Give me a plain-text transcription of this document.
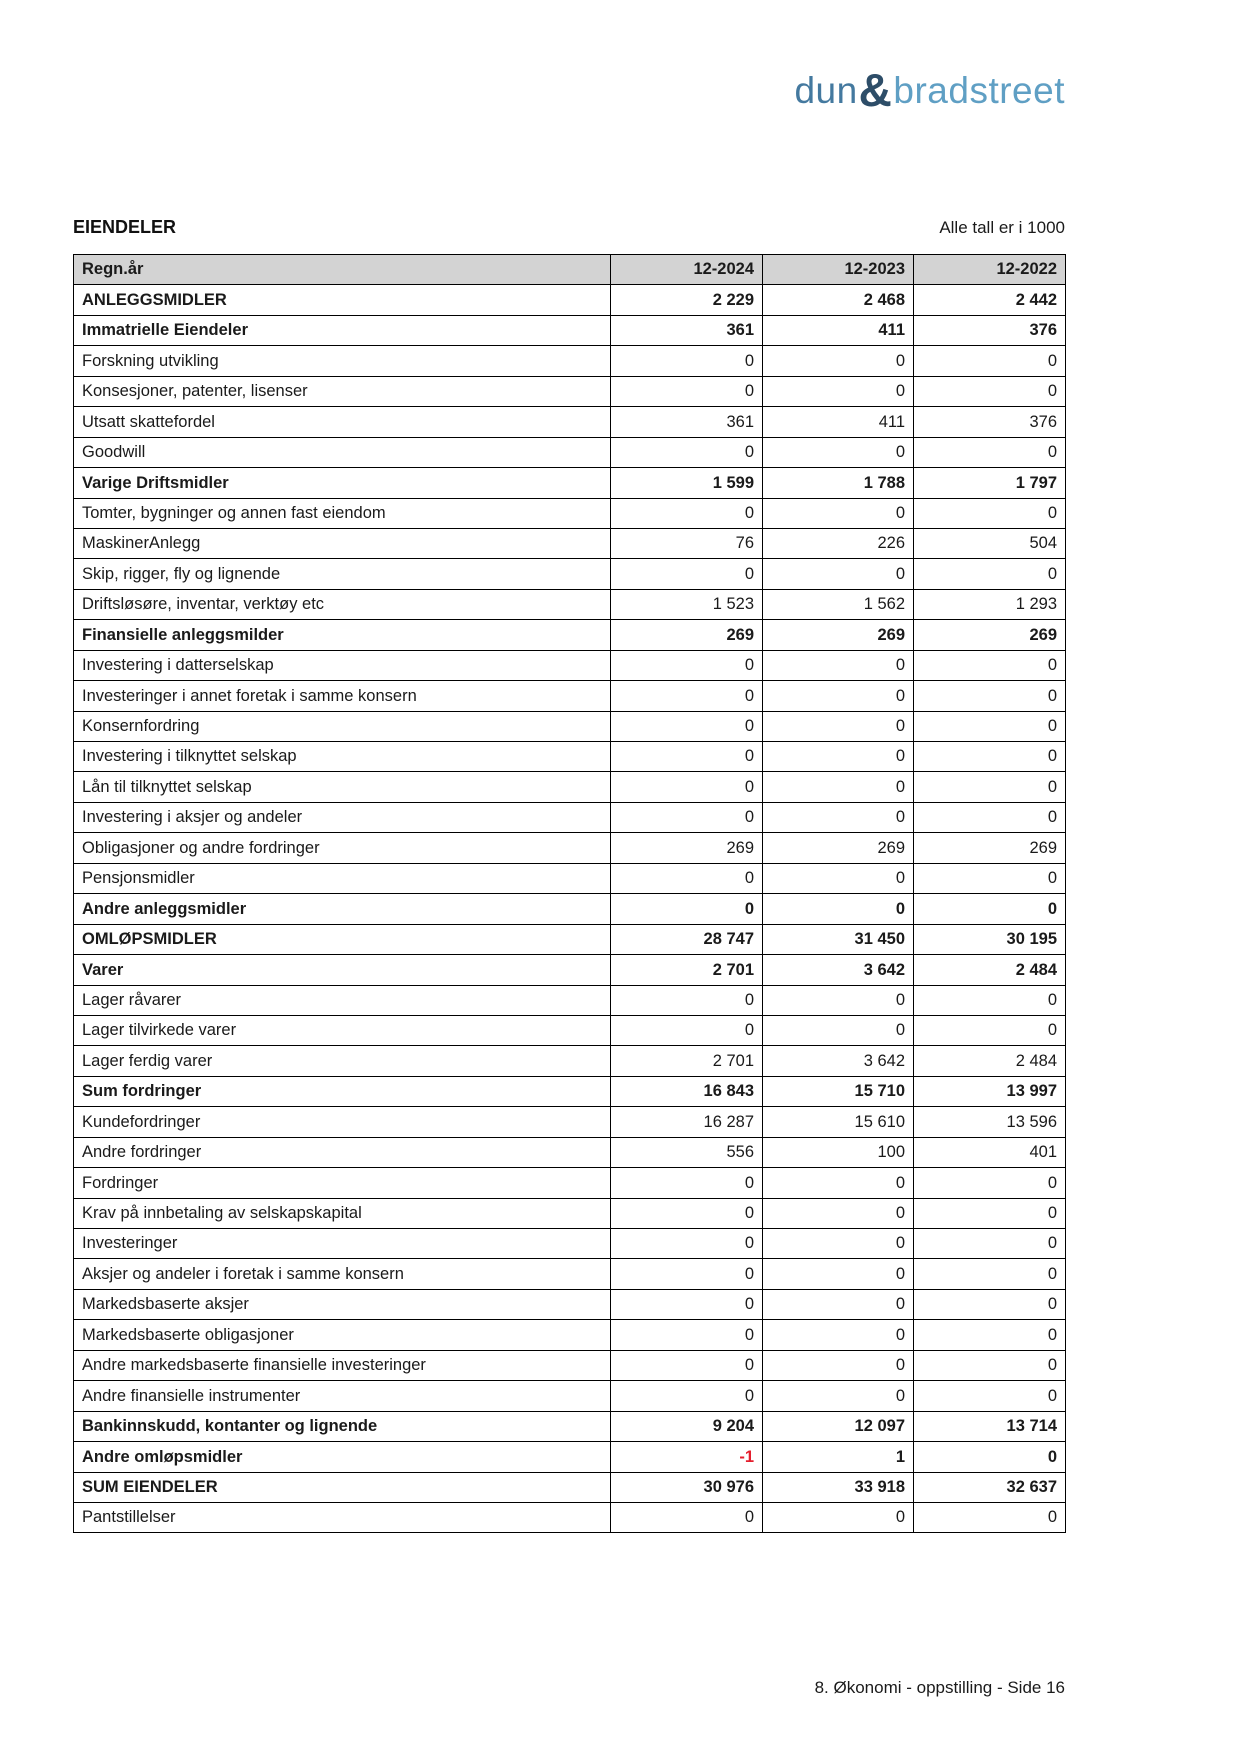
dun & bradstreet
EIENDELER	Alle tall er i 1000
Regn.år	12-2024	12-2023	12-2022
ANLEGGSMIDLER	2 229	2 468	2 442
Immatrielle Eiendeler	361	411	376
Forskning utvikling	0	0	0
Konsesjoner, patenter, lisenser	0	0	0
Utsatt skattefordel	361	411	376
Goodwill	0	0	0
Varige Driftsmidler	1 599	1 788	1 797
Tomter, bygninger og annen fast eiendom	0	0	0
MaskinerAnlegg	76	226	504
Skip, rigger, fly og lignende	0	0	0
Driftsløsøre, inventar, verktøy etc	1 523	1 562	1 293
Finansielle anleggsmilder	269	269	269
Investering i datterselskap	0	0	0
Investeringer i annet foretak i samme konsern	0	0	0
Konsernfordring	0	0	0
Investering i tilknyttet selskap	0	0	0
Lån til tilknyttet selskap	0	0	0
Investering i aksjer og andeler	0	0	0
Obligasjoner og andre fordringer	269	269	269
Pensjonsmidler	0	0	0
Andre anleggsmidler	0	0	0
OMLØPSMIDLER	28 747	31 450	30 195
Varer	2 701	3 642	2 484
Lager råvarer	0	0	0
Lager tilvirkede varer	0	0	0
Lager ferdig varer	2 701	3 642	2 484
Sum fordringer	16 843	15 710	13 997
Kundefordringer	16 287	15 610	13 596
Andre fordringer	556	100	401
Fordringer	0	0	0
Krav på innbetaling av selskapskapital	0	0	0
Investeringer	0	0	0
Aksjer og andeler i foretak i samme konsern	0	0	0
Markedsbaserte aksjer	0	0	0
Markedsbaserte obligasjoner	0	0	0
Andre markedsbaserte finansielle investeringer	0	0	0
Andre finansielle instrumenter	0	0	0
Bankinnskudd, kontanter og lignende	9 204	12 097	13 714
Andre omløpsmidler	-1	1	0
SUM EIENDELER	30 976	33 918	32 637
Pantstillelser	0	0	0
8. Økonomi - oppstilling - Side 16
